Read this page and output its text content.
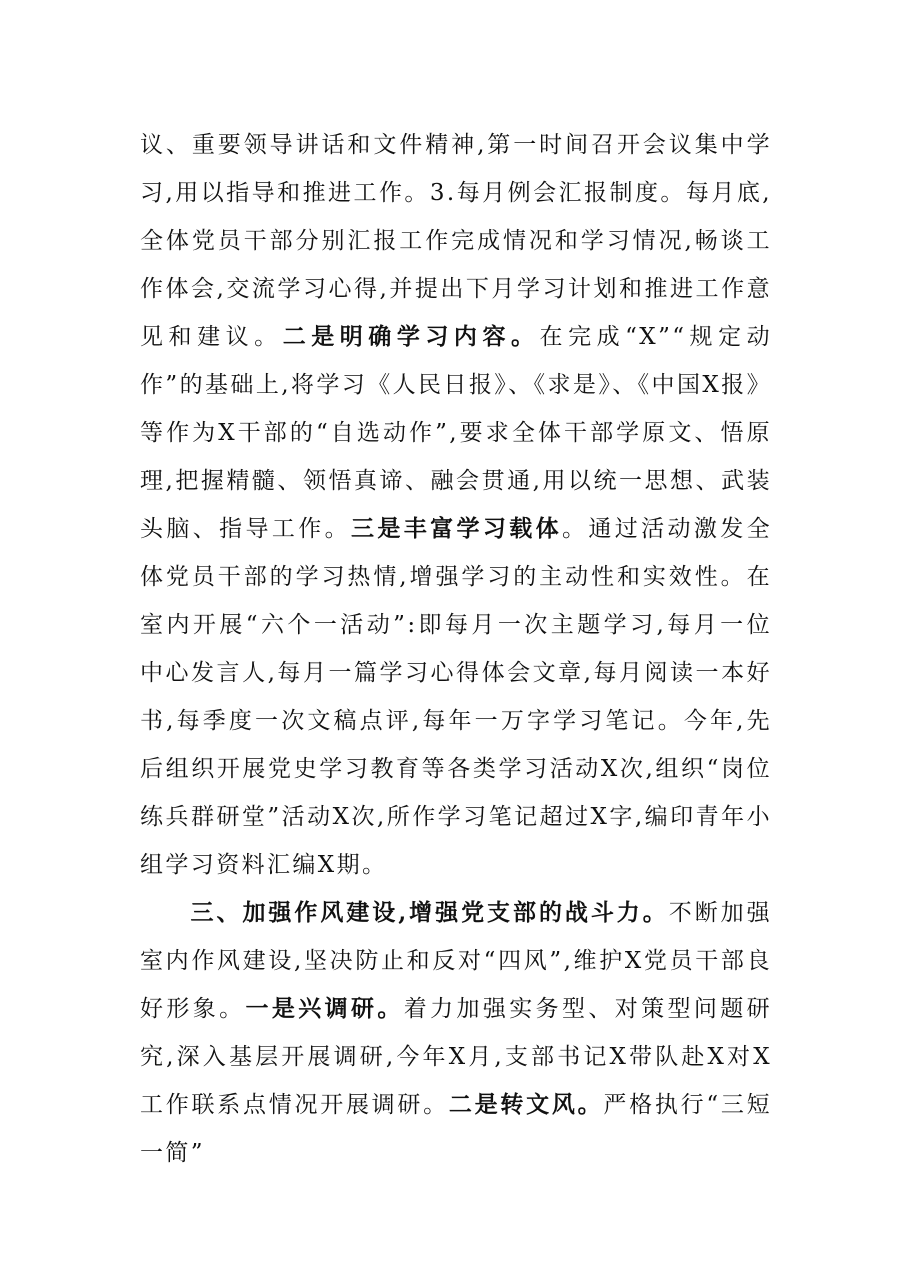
议、重要领导讲话和文件精神,第一时间召开会议集中学习,用以指导和推进工作。3.每月例会汇报制度。每月底,全体党员干部分别汇报工作完成情况和学习情况,畅谈工作体会,交流学习心得,并提出下月学习计划和推进工作意见和建议。二是明确学习内容。在完成“X”“规定动作”的基础上,将学习《人民日报》、《求是》、《中国X报》等作为X干部的“自选动作”,要求全体干部学原文、悟原理,把握精髓、领悟真谛、融会贯通,用以统一思想、武装头脑、指导工作。三是丰富学习载体。通过活动激发全体党员干部的学习热情,增强学习的主动性和实效性。在室内开展“六个一活动”:即每月一次主题学习,每月一位中心发言人,每月一篇学习心得体会文章,每月阅读一本好书,每季度一次文稿点评,每年一万字学习笔记。今年,先后组织开展党史学习教育等各类学习活动X次,组织“岗位练兵群研堂”活动X次,所作学习笔记超过X字,编印青年小组学习资料汇编X期。
三、加强作风建设,增强党支部的战斗力。不断加强室内作风建设,坚决防止和反对“四风”,维护X党员干部良好形象。一是兴调研。着力加强实务型、对策型问题研究,深入基层开展调研,今年X月,支部书记X带队赴X对X工作联系点情况开展调研。二是转文风。严格执行“三短一简”
